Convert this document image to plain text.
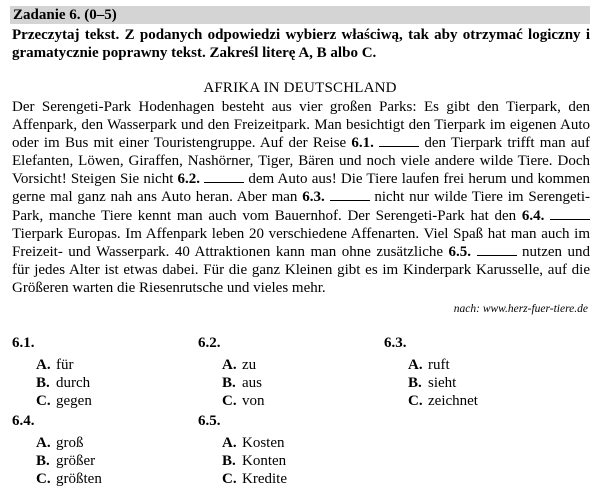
Zadanie 6. (0–5)
Przeczytaj tekst. Z podanych odpowiedzi wybierz właściwą, tak aby otrzymać logiczny i gramatycznie poprawny tekst. Zakreśl literę A, B albo C.
AFRIKA IN DEUTSCHLAND
Der Serengeti-Park Hodenhagen besteht aus vier großen Parks: Es gibt den Tierpark, den Affenpark, den Wasserpark und den Freizeitpark. Man besichtigt den Tierpark im eigenen Auto oder im Bus mit einer Touristengruppe. Auf der Reise 6.1.	den Tierpark trifft man auf Elefanten, Löwen, Giraffen, Nashörner, Tiger, Bären und noch viele andere wilde Tiere. Doch Vorsicht! Steigen Sie nicht 6.2.	dem Auto aus! Die Tiere laufen frei herum und kommen gerne mal ganz nah ans Auto heran. Aber man 6.3.	nicht nur wilde Tiere im Serengeti-Park, manche Tiere kennt man auch vom Bauernhof. Der Serengeti-Park hat den 6.4.  Tierpark Europas. Im Affenpark leben 20 verschiedene Affenarten. Viel Spaß hat man auch im Freizeit- und Wasserpark. 40 Attraktionen kann man ohne zusätzliche 6.5.	nutzen und für jedes Alter ist etwas dabei. Für die ganz Kleinen gibt es im Kinderpark Karusselle, auf die Größeren warten die Riesenrutsche und vieles mehr.
nach: www.herz-fuer-tiere.de
6.1.
A. für
B. durch
C. gegen
6.2.
A. zu
B. aus
C. von
6.3.
A. ruft
B. sieht
C. zeichnet
6.4.
A. groß
B. größer
C. größten
6.5.
A. Kosten
B. Konten
C. Kredite
